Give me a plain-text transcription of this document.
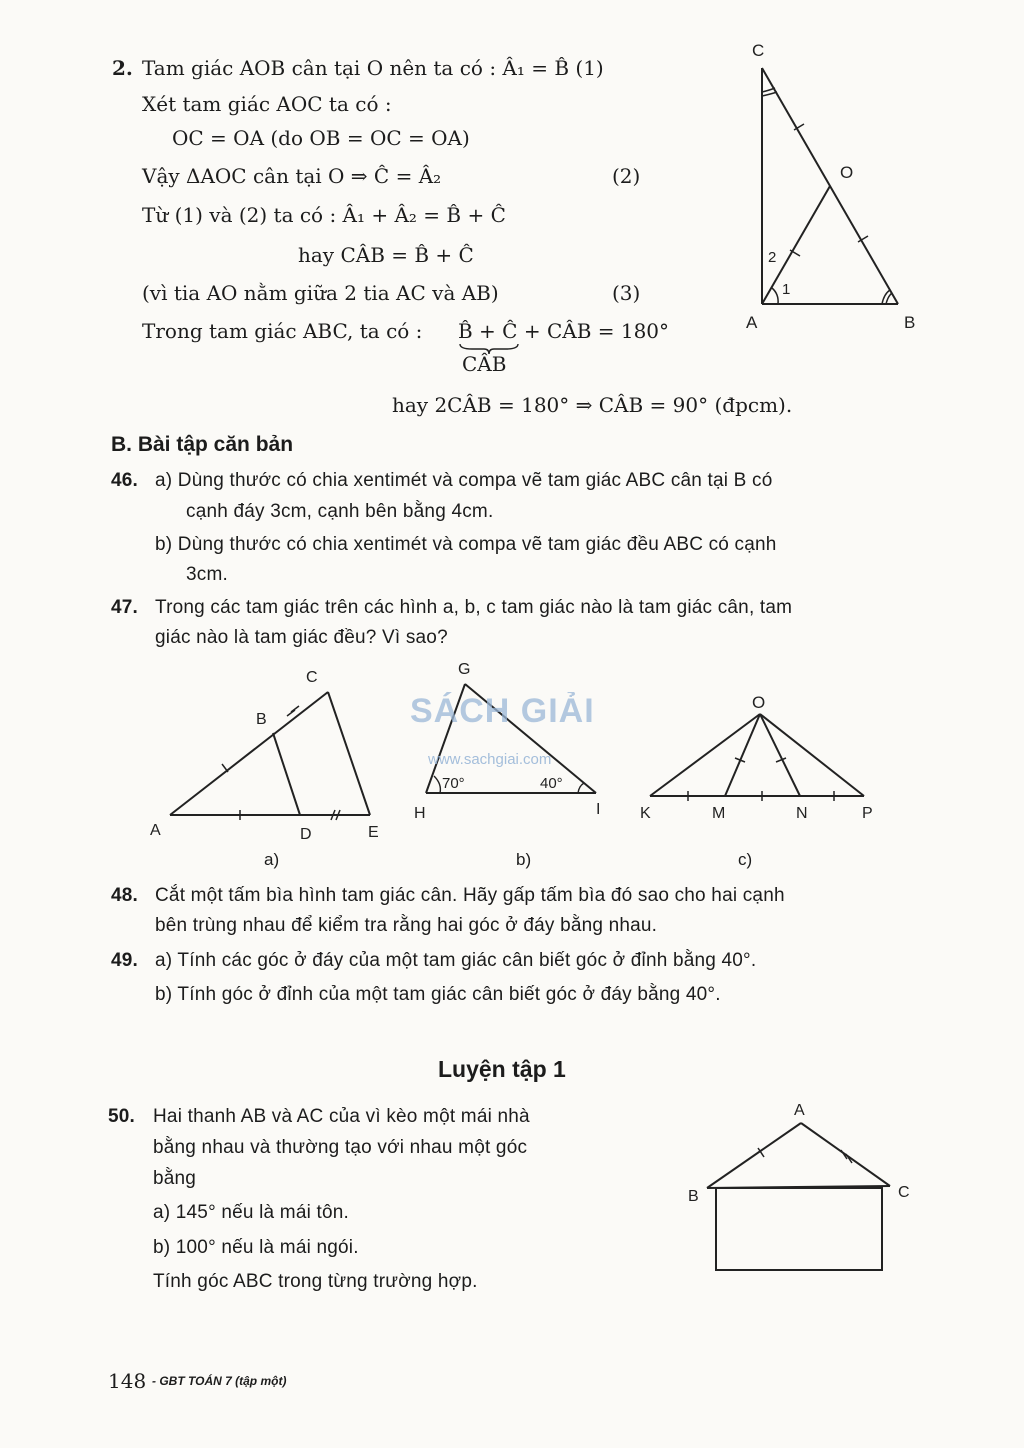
2. Tam giác AOB cân tại O nên ta có : Â₁ = B̂ (1)
Xét tam giác AOC ta có :
OC = OA (do OB = OC = OA)
Vậy ΔAOC cân tại O ⇒ Ĉ = Â₂	(2)
Từ (1) và (2) ta có : Â₁ + Â₂ = B̂ + Ĉ
hay CÂB = B̂ + Ĉ
(vì tia AO nằm giữa 2 tia AC và AB)	(3)
Trong tam giác ABC, ta có : B̂ + Ĉ + CÂB = 180°
CÂB
hay 2CÂB = 180° ⇒ CÂB = 90° (đpcm).
C
O
A	B
1
2
B. Bài tập căn bản
46. a) Dùng thước có chia xentimét và compa vẽ tam giác ABC cân tại B có
cạnh đáy 3cm, cạnh bên bằng 4cm.
b) Dùng thước có chia xentimét và compa vẽ tam giác đều ABC có cạnh
3cm.
47. Trong các tam giác trên các hình a, b, c tam giác nào là tam giác cân, tam
giác nào là tam giác đều? Vì sao?
A
B
C
D	E
a)
G
H	I
70°	40°
b)
SÁCH GIẢI
www.sachgiai.com
O
K	M	N	P
c)
48. Cắt một tấm bìa hình tam giác cân. Hãy gấp tấm bìa đó sao cho hai cạnh
bên trùng nhau để kiểm tra rằng hai góc ở đáy bằng nhau.
49. a) Tính các góc ở đáy của một tam giác cân biết góc ở đỉnh bằng 40°.
b) Tính góc ở đỉnh của một tam giác cân biết góc ở đáy bằng 40°.
Luyện tập 1
50. Hai thanh AB và AC của vì kèo một mái nhà
bằng nhau và thường tạo với nhau một góc
bằng
a) 145° nếu là mái tôn.
b) 100° nếu là mái ngói.
Tính góc ABC trong từng trường hợp.
A
B	C
148 - GBT TOÁN 7 (tập một)
